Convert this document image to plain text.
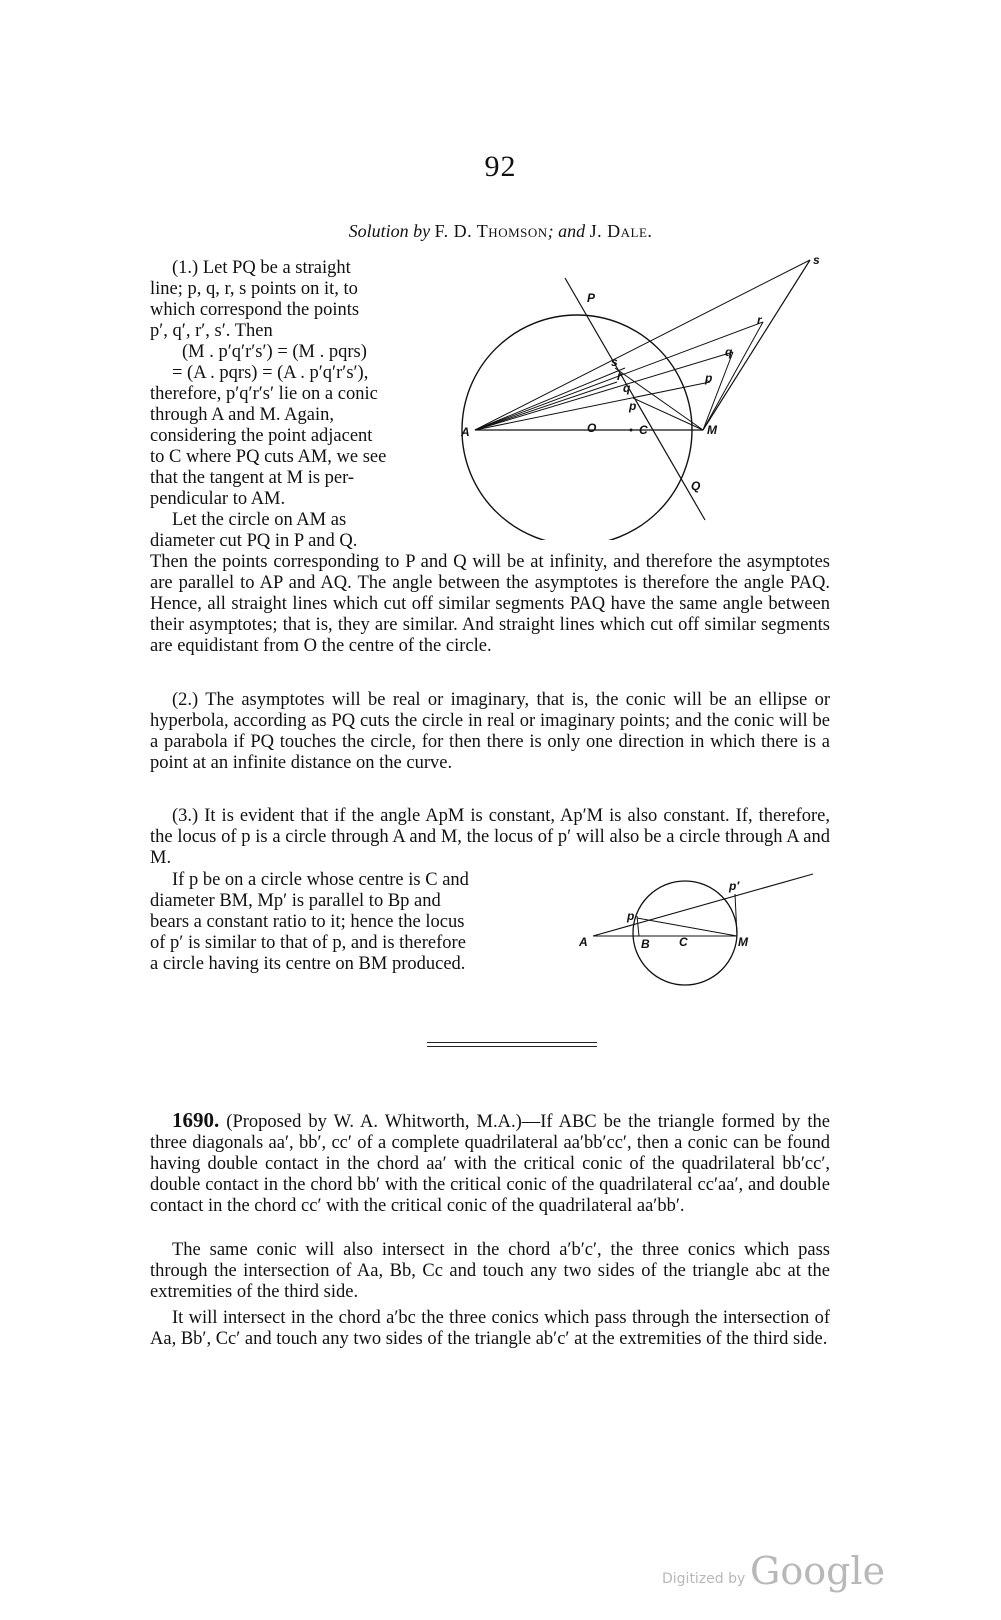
92
Solution by F. D. Thomson; and J. Dale.

(1.) Let PQ be a straight

line; p, q, r, s points on it, to

which correspond the points

p′, q′, r′, s′. Then

(M . p′q′r′s′) = (M . pqrs)

= (A . pqrs) = (A . p′q′r′s′),

therefore, p′q′r′s′ lie on a conic

through A and M. Again,

considering the point adjacent

to C where PQ cuts AM, we see

that the tangent at M is per-

pendicular to AM.

Let the circle on AM as

diameter cut PQ in P and Q.

P
A	O	C	M
Q
s
r
q
p
s
r
q
p
Then the points corresponding to P and Q will be at infinity, and therefore the asymptotes are parallel to AP and AQ. The angle between the asymptotes is therefore the angle PAQ. Hence, all straight lines which cut off similar segments PAQ have the same angle between their asymptotes; that is, they are similar. And straight lines which cut off similar segments are equidistant from O the centre of the circle.
(2.) The asymptotes will be real or imaginary, that is, the conic will be an ellipse or hyperbola, according as PQ cuts the circle in real or imaginary points; and the conic will be a parabola if PQ touches the circle, for then there is only one direction in which there is a point at an infinite distance on the curve.
(3.) It is evident that if the angle ApM is constant, Ap′M is also constant. If, therefore, the locus of p is a circle through A and M, the locus of p′ will also be a circle through A and M.

If p be on a circle whose centre is C and

diameter BM, Mp′ is parallel to Bp and

bears a constant ratio to it; hence the locus

of p′ is similar to that of p, and is therefore

a circle having its centre on BM produced.

A	B C	M
p
p′
1690. (Proposed by W. A. Whitworth, M.A.)—If ABC be the triangle formed by the three diagonals aa′, bb′, cc′ of a complete quadrilateral aa′bb′cc′, then a conic can be found having double contact in the chord aa′ with the critical conic of the quadrilateral bb′cc′, double contact in the chord bb′ with the critical conic of the quadrilateral cc′aa′, and double contact in the chord cc′ with the critical conic of the quadrilateral aa′bb′.
The same conic will also intersect in the chord a′b′c′, the three conics which pass through the intersection of Aa, Bb, Cc and touch any two sides of the triangle abc at the extremities of the third side.
It will intersect in the chord a′bc the three conics which pass through the intersection of Aa, Bb′, Cc′ and touch any two sides of the triangle ab′c′ at the extremities of the third side.
Digitized by Google
